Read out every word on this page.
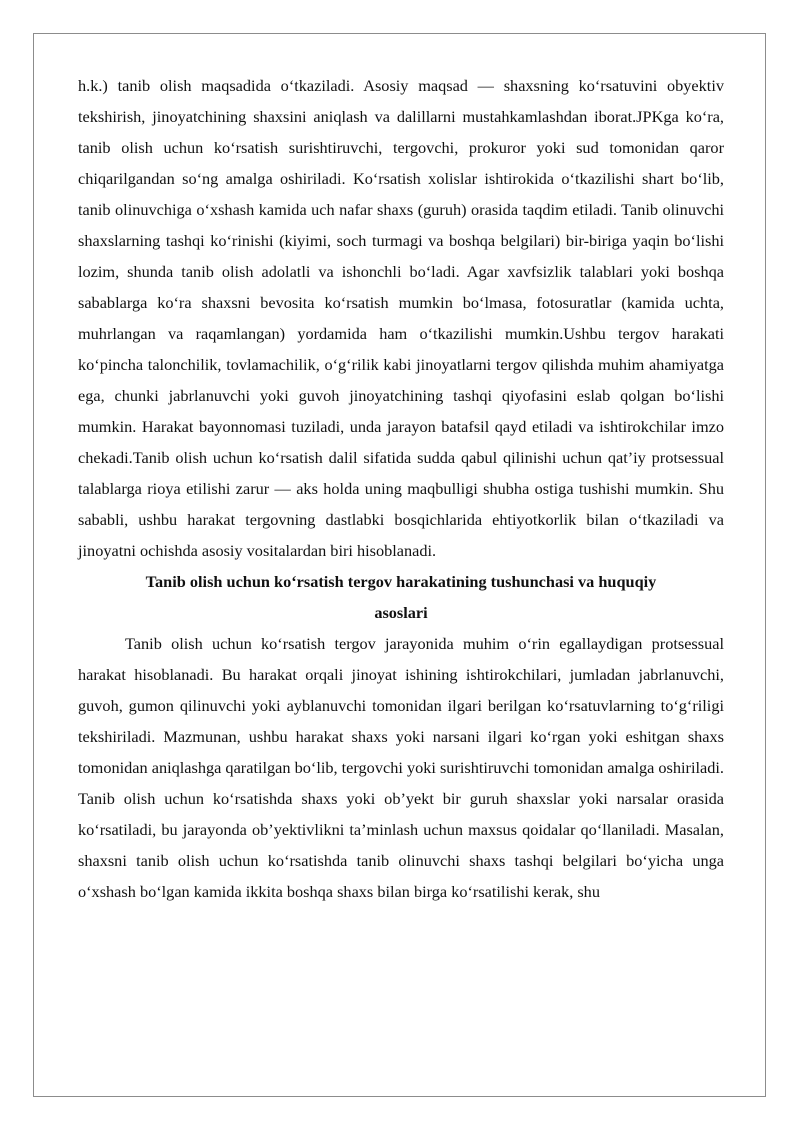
h.k.) tanib olish maqsadida o‘tkaziladi. Asosiy maqsad — shaxsning ko‘rsatuvini obyektiv tekshirish, jinoyatchining shaxsini aniqlash va dalillarni mustahkamlashdan iborat.JPKga ko‘ra, tanib olish uchun ko‘rsatish surishtiruvchi, tergovchi, prokuror yoki sud tomonidan qaror chiqarilgandan so‘ng amalga oshiriladi. Ko‘rsatish xolislar ishtirokida o‘tkazilishi shart bo‘lib, tanib olinuvchiga o‘xshash kamida uch nafar shaxs (guruh) orasida taqdim etiladi. Tanib olinuvchi shaxslarning tashqi ko‘rinishi (kiyimi, soch turmagi va boshqa belgilari) bir-biriga yaqin bo‘lishi lozim, shunda tanib olish adolatli va ishonchli bo‘ladi. Agar xavfsizlik talablari yoki boshqa sabablarga ko‘ra shaxsni bevosita ko‘rsatish mumkin bo‘lmasa, fotosuratlar (kamida uchta, muhrlangan va raqamlangan) yordamida ham o‘tkazilishi mumkin.Ushbu tergov harakati ko‘pincha talonchilik, tovlamachilik, o‘g‘rilik kabi jinoyatlarni tergov qilishda muhim ahamiyatga ega, chunki jabrlanuvchi yoki guvoh jinoyatchining tashqi qiyofasini eslab qolgan bo‘lishi mumkin. Harakat bayonnomasi tuziladi, unda jarayon batafsil qayd etiladi va ishtirokchilar imzo chekadi.Tanib olish uchun ko‘rsatish dalil sifatida sudda qabul qilinishi uchun qat’iy protsessual talablarga rioya etilishi zarur — aks holda uning maqbulligi shubha ostiga tushishi mumkin. Shu sababli, ushbu harakat tergovning dastlabki bosqichlarida ehtiyotkorlik bilan o‘tkaziladi va jinoyatni ochishda asosiy vositalardan biri hisoblanadi.

Tanib olish uchun ko‘rsatish tergov harakatining tushunchasi va huquqiy
asoslari

Tanib olish uchun ko‘rsatish tergov jarayonida muhim o‘rin egallaydigan protsessual harakat hisoblanadi. Bu harakat orqali jinoyat ishining ishtirokchilari, jumladan jabrlanuvchi, guvoh, gumon qilinuvchi yoki ayblanuvchi tomonidan ilgari berilgan ko‘rsatuvlarning to‘g‘riligi tekshiriladi. Mazmunan, ushbu harakat shaxs yoki narsani ilgari ko‘rgan yoki eshitgan shaxs tomonidan aniqlashga qaratilgan bo‘lib, tergovchi yoki surishtiruvchi tomonidan amalga oshiriladi. Tanib olish uchun ko‘rsatishda shaxs yoki ob’yekt bir guruh shaxslar yoki narsalar orasida ko‘rsatiladi, bu jarayonda ob’yektivlikni ta’minlash uchun maxsus qoidalar qo‘llaniladi. Masalan, shaxsni tanib olish uchun ko‘rsatishda tanib olinuvchi shaxs tashqi belgilari bo‘yicha unga o‘xshash bo‘lgan kamida ikkita boshqa shaxs bilan birga ko‘rsatilishi kerak, shu
